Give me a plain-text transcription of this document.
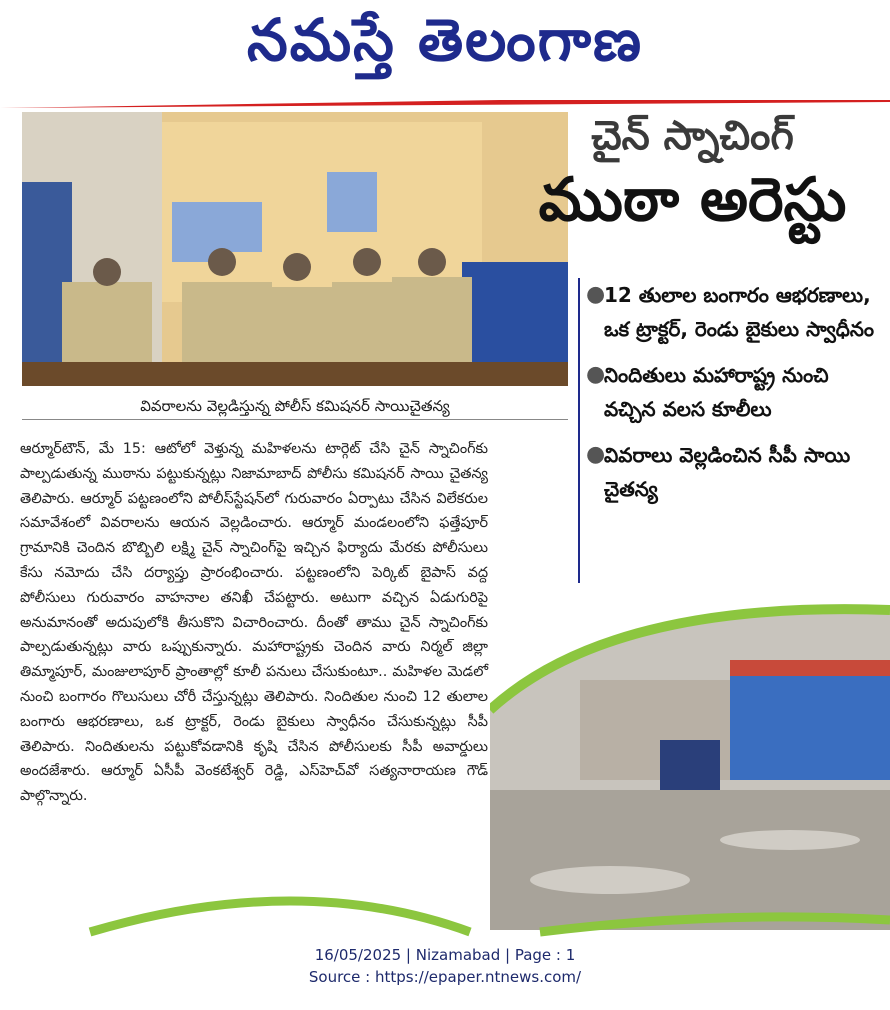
నమస్తే తెలంగాణ
వివరాలను వెల్లడిస్తున్న పోలీస్ కమిషనర్ సాయిచైతన్య
చైన్ స్నాచింగ్
ముఠా అరెస్టు
●
12 తులాల బంగారం ఆభరణాలు, ఒక ట్రాక్టర్, రెండు బైకులు స్వాధీనం
●
నిందితులు మహారాష్ట్ర నుంచి వచ్చిన వలస కూలీలు
●
వివరాలు వెల్లడించిన సీపీ సాయి చైతన్య
ఆర్మూర్‌టౌన్, మే 15: ఆటోలో వెళ్తున్న మహిళలను టార్గెట్ చేసి చైన్ స్నాచింగ్‌కు పాల్పడుతున్న ముఠాను పట్టుకున్నట్లు నిజామాబాద్ పోలీసు కమిషనర్ సాయి చైతన్య తెలిపారు. ఆర్మూర్ పట్టణంలోని పోలీస్‌స్టేషన్‌లో గురువారం ఏర్పాటు చేసిన విలేకరుల సమావేశంలో వివరాలను ఆయన వెల్లడించారు. ఆర్మూర్ మండలంలోని ఫత్తేపూర్ గ్రామానికి చెందిన బొబ్బిలి లక్ష్మి చైన్ స్నాచింగ్‌పై ఇచ్చిన ఫిర్యాదు మేరకు పోలీసులు కేసు నమోదు చేసి దర్యాప్తు ప్రారంభించారు. పట్టణంలోని పెర్కిట్ బైపాస్ వద్ద పోలీసులు గురువారం వాహనాల తనిఖీ చేపట్టారు. అటుగా వచ్చిన ఏడుగురిపై అనుమానంతో అదుపులోకి తీసుకొని విచారించారు. దీంతో తాము చైన్ స్నాచింగ్‌కు పాల్పడుతున్నట్లు వారు ఒప్పుకున్నారు. మహారాష్ట్రకు చెందిన వారు నిర్మల్ జిల్లా తిమ్మాపూర్, మంజులాపూర్ ప్రాంతాల్లో కూలీ పనులు చేసుకుంటూ.. మహిళల మెడలో నుంచి బంగారం గొలుసులు చోరీ చేస్తున్నట్లు తెలిపారు. నిందితుల నుంచి 12 తులాల బంగారు ఆభరణాలు, ఒక ట్రాక్టర్, రెండు బైకులు స్వాధీనం చేసుకున్నట్లు సీపీ తెలిపారు. నిందితులను పట్టుకోవడానికి కృషి చేసిన పోలీసులకు సీపీ అవార్డులు అందజేశారు. ఆర్మూర్ ఏసీపీ వెంకటేశ్వర్ రెడ్డి, ఎస్‌హెచ్‌వో సత్యనారాయణ గౌడ్ పాల్గొన్నారు.
16/05/2025 | Nizamabad | Page : 1
Source : https://epaper.ntnews.com/
